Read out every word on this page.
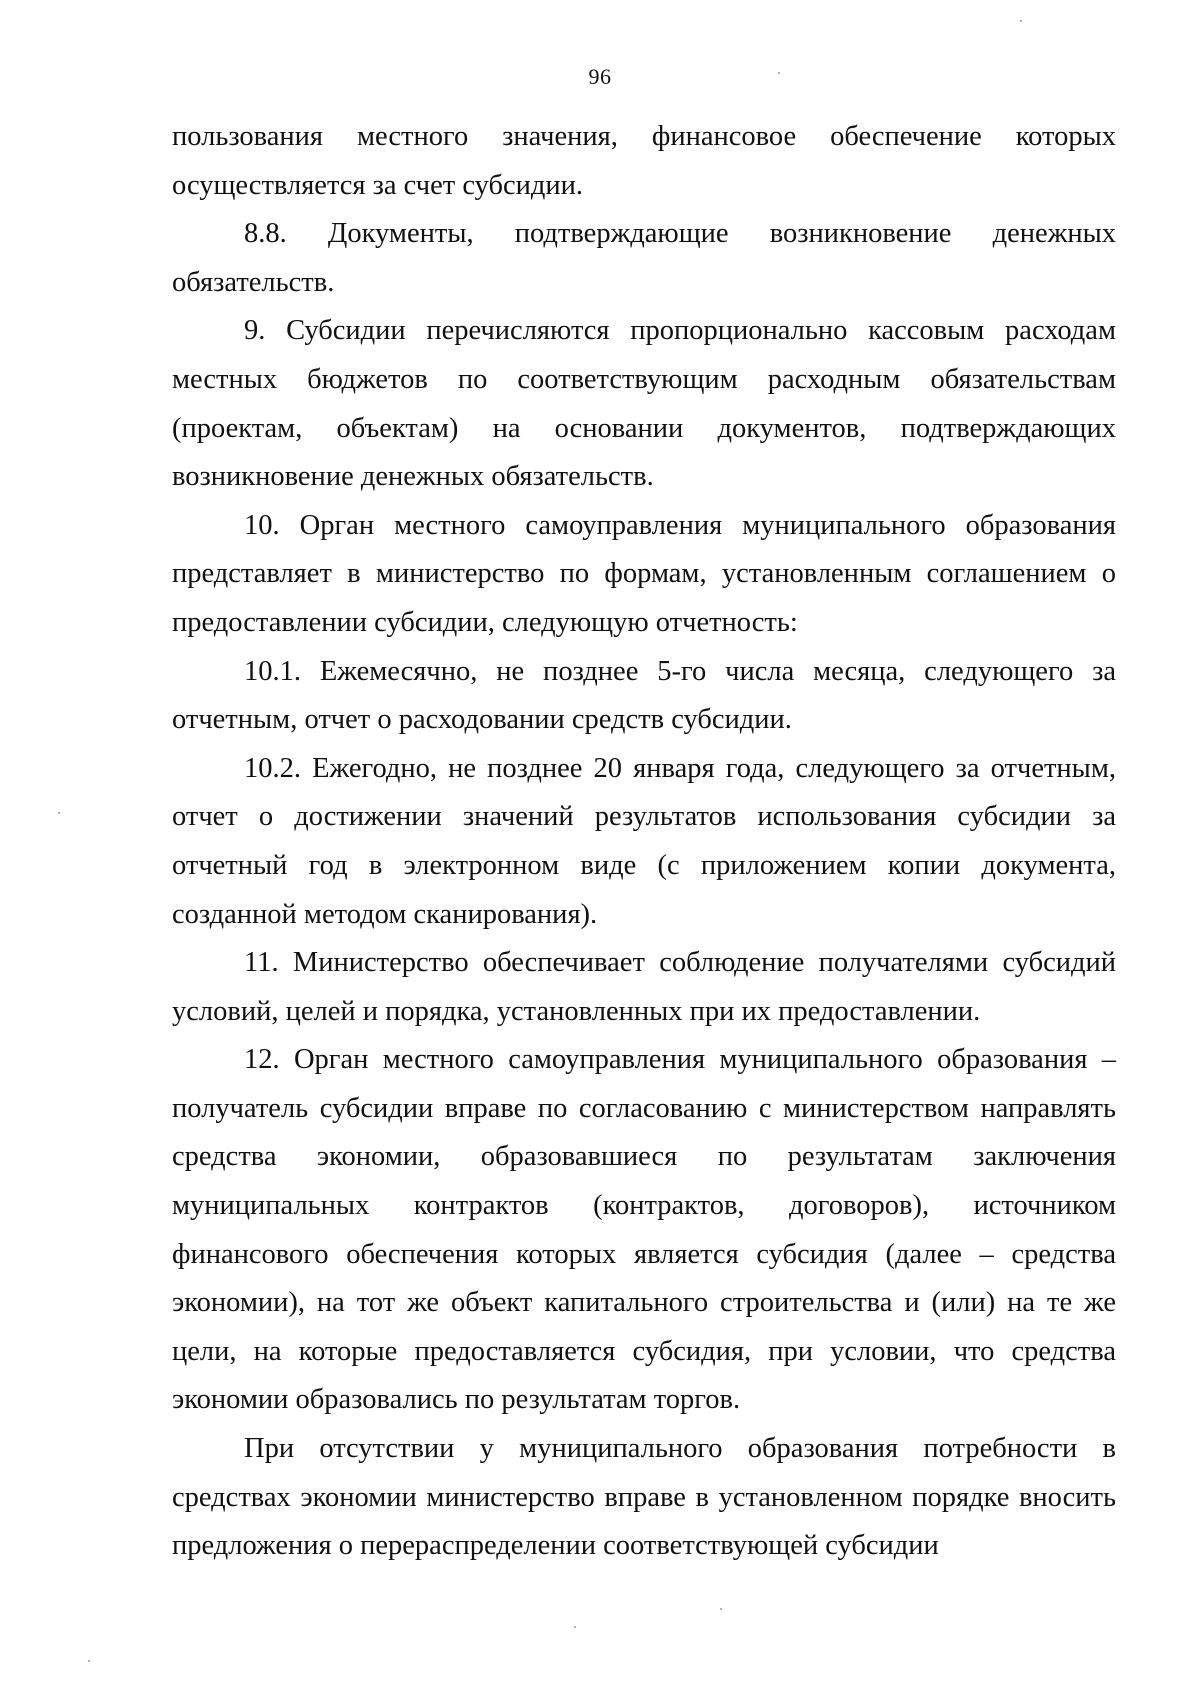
96

пользования местного значения, финансовое обеспечение которых осуществляется за счет субсидии.

8.8. Документы, подтверждающие возникновение денежных обязательств.

9. Субсидии перечисляются пропорционально кассовым расходам местных бюджетов по соответствующим расходным обязательствам (проектам, объектам) на основании документов, подтверждающих возникновение денежных обязательств.

10. Орган местного самоуправления муниципального образования представляет в министерство по формам, установленным соглашением о предоставлении субсидии, следующую отчетность:

10.1. Ежемесячно, не позднее 5-го числа месяца, следующего за отчетным, отчет о расходовании средств субсидии.

10.2. Ежегодно, не позднее 20 января года, следующего за отчетным, отчет о достижении значений результатов использования субсидии за отчетный год в электронном виде (с приложением копии документа, созданной методом сканирования).

11. Министерство обеспечивает соблюдение получателями субсидий условий, целей и порядка, установленных при их предоставлении.

12. Орган местного самоуправления муниципального образования – получатель субсидии вправе по согласованию с министерством направлять средства экономии, образовавшиеся по результатам заключения муниципальных контрактов (контрактов, договоров), источником финансового обеспечения которых является субсидия (далее – средства экономии), на тот же объект капитального строительства и (или) на те же цели, на которые предоставляется субсидия, при условии, что средства экономии образовались по результатам торгов.

При отсутствии у муниципального образования потребности в средствах экономии министерство вправе в установленном порядке вносить предложения о перераспределении соответствующей субсидии
